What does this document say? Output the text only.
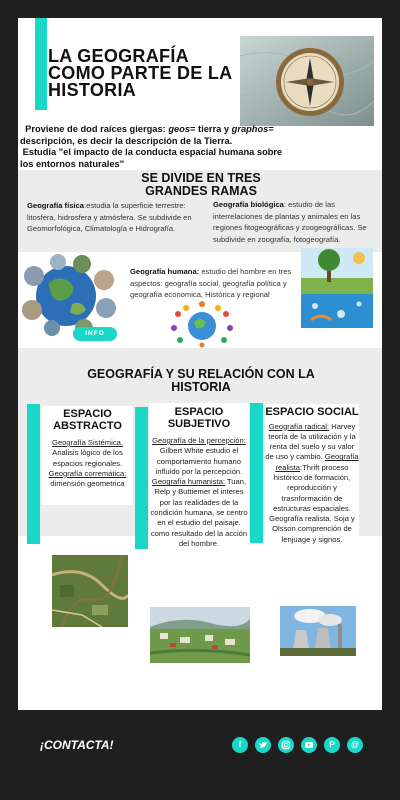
LA GEOGRAFÍA
COMO PARTE DE LA
HISTORIA
Proviene de dod raíces giergas: geos= tierra y graphos= descripción, es decir la descripción de la Tierra.
Estudia "el impacto de la conducta espacial humana sobre los entornos naturales"
SE DIVIDE EN TRES GRANDES RAMAS
Geografía física:estudia la superficie terrestre: litosfera, hidrosfera y atmósfera. Se subdivide en Geomorfológica, Climatología e Hidrografía.
Geografía biológica: estudio de las interrelaciones de plantas y animales en las regiones fitogeográficas y zoogeográficas. Se subdivide en zoografía, fotogeografía.
INFO
Geografía humana: estudio del hombre en tres aspectos: geografía social, geografía política y geografía economica, Histórica y regional
GEOGRAFÍA Y SU RELACIÓN CON LA HISTORIA
ESPACIO ABSTRACTO
Geografía Sistémica. Analisis lógico de los espacios regionales. Geografía corremática: dimensión geometrica
ESPACIO SUBJETIVO
Geografía de la percepción: Gilbert White estudio el comportamiento humano influido por la percepción. Geografía humanista: Tuan, Relp y Buttiemer el interes por las realidades de la condición humana, se centro en el estudio del paisaje. como resultado del la acción del hombre.
ESPACIO SOCIAL
Geografía radical: Harvey teoría de la utilización y la renta del suelo y su valor de uso y cambio. Geografía realista:Thrift proceso histórico de formación, reproducción y trasnformación de estructuras espaciales. Geografía realista. Soja y Olsson comprención de lenjuage y signos.
¡CONTACTA!	f	P	@
